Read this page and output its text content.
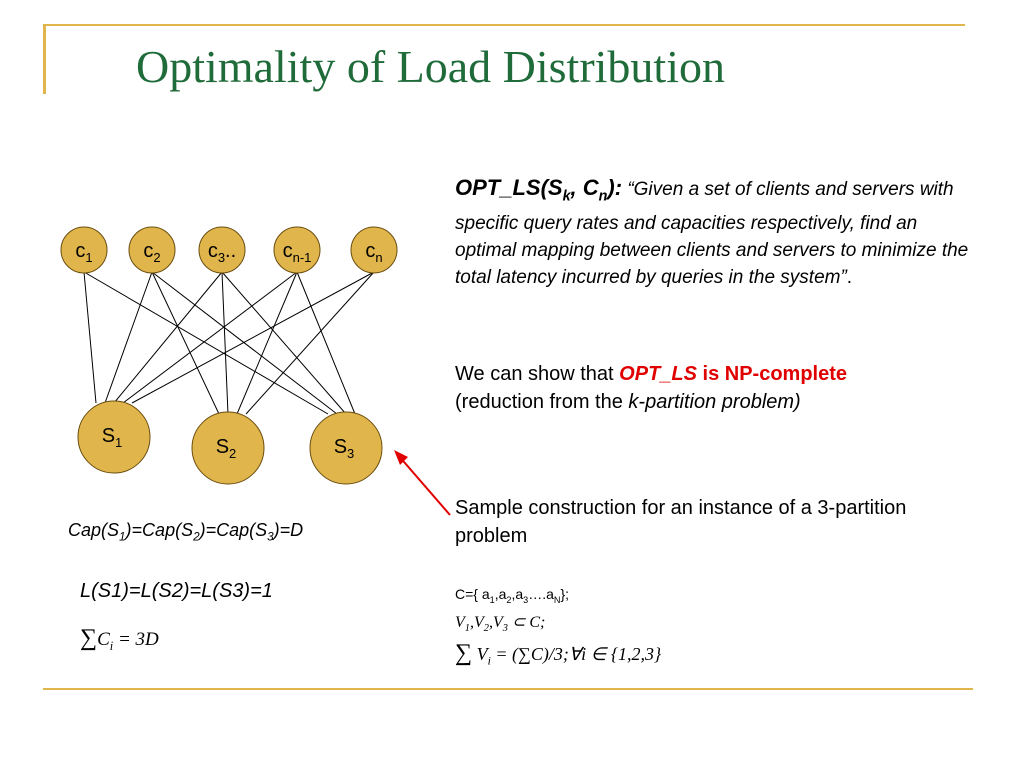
Optimality of Load Distribution
$c_1$	$c_2$ $c_3$.. $c_{n-1}$	$c_n$
$S_1$	$S_2$	$S_3$
$OPT\_LS(S_k$, $C_n$): “Given a set of clients and servers with specific query rates and capacities respectively, find an optimal mapping between clients and servers to minimize the total latency incurred by queries in the system”.
We can show that OPT_LS is NP-complete
(reduction from the k-partition problem)
Sample construction for an instance of a 3-partition problem
C={ $a_1,a_2,a_3\dots.a_N$};
$V_1,V_2,V_3$ ⊂ C;
∑ $V_i$ = (∑C)/3;∀i ∈ {1,2,3}
$Cap(S_1)=Cap(S_2)=Cap(S_3)=D$
L(S1)=L(S2)=L(S3)=1
$\sum C_i = 3D$
